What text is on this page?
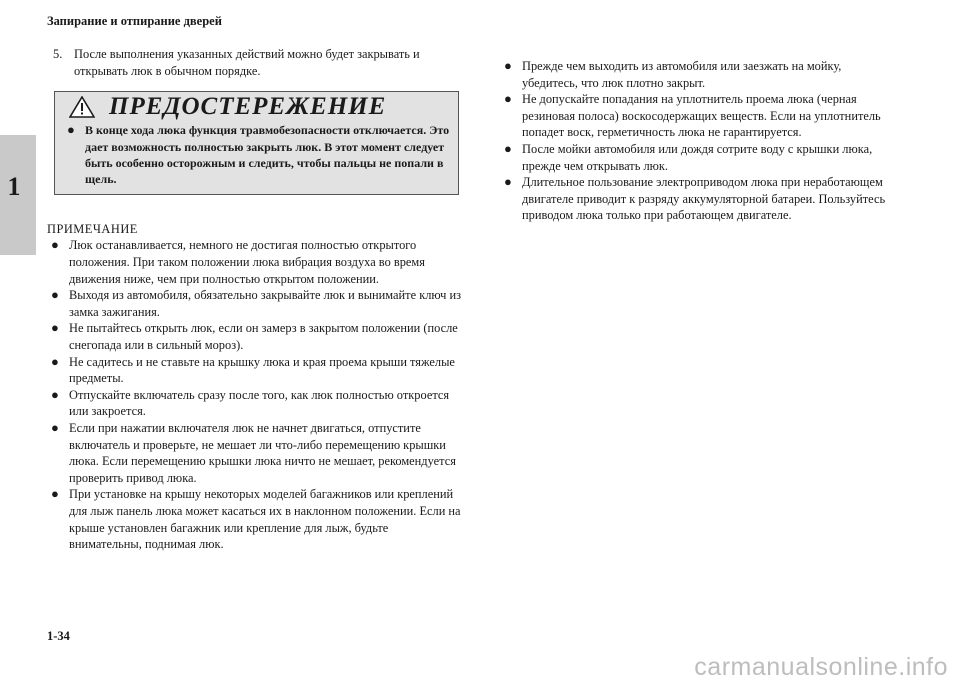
Запирание и отпирание дверей
1
5. После выполнения указанных действий можно будет закрывать и открывать люк в обычном порядке.
ПРЕДОСТЕРЕЖЕНИЕ
● В конце хода люка функция травмобезопасности отключается. Это дает возможность полностью закрыть люк. В этот момент следует быть особенно осторожным и следить, чтобы пальцы не попали в щель.
ПРИМЕЧАНИЕ
● Люк останавливается, немного не достигая полностью открытого положения. При таком положении люка вибрация воздуха во время движения ниже, чем при полностью открытом положении.
● Выходя из автомобиля, обязательно закрывайте люк и вынимайте ключ из замка зажигания.
● Не пытайтесь открыть люк, если он замерз в закрытом положении (после снегопада или в сильный мороз).
● Не садитесь и не ставьте на крышку люка и края проема крыши тяжелые предметы.
● Отпускайте включатель сразу после того, как люк полностью откроется или закроется.
● Если при нажатии включателя люк не начнет двигаться, отпустите включатель и проверьте, не мешает ли что-либо перемещению крышки люка. Если перемещению крышки люка ничто не мешает, рекомендуется проверить привод люка.
● При установке на крышу некоторых моделей багажников или креплений для лыж панель люка может касаться их в наклонном положении. Если на крыше установлен багажник или крепление для лыж, будьте внимательны, поднимая люк.
● Прежде чем выходить из автомобиля или заезжать на мойку, убедитесь, что люк плотно закрыт.
● Не допускайте попадания на уплотнитель проема люка (черная резиновая полоса) воскосодержащих веществ. Если на уплотнитель попадет воск, герметичность люка не гарантируется.
● После мойки автомобиля или дождя сотрите воду с крышки люка, прежде чем открывать люк.
● Длительное пользование электроприводом люка при неработающем двигателе приводит к разряду аккумуляторной батареи. Пользуйтесь приводом люка только при работающем двигателе.
1-34
carmanualsonline.info
